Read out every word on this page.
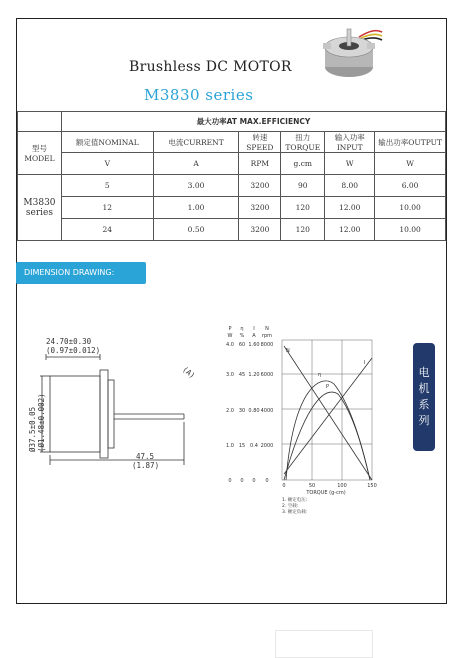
Brushless DC MOTOR
M3830 series
	最大功率AT MAX.EFFICIENCY					
型号MODEL	额定值NOMINAL	电流CURRENT	转速SPEED	扭力TORQUE	输入功率INPUT	输出功率OUTPUT
	V	A	RPM	g.cm	W	W
M3830 series	5	3.00	3200	90	8.00	6.00
	12	1.00	3200	120	12.00	10.00
	24	0.50	3200	120	12.00	10.00
DIMENSION DRAWING:
电
机
系
列
24.70±0.30
(0.97±0.012)
(A)
Ø37.5±0.05 (Ø1.48±0.002)
47.5
(1.87)
P η I N
W % A rpm
4.0 60 1.60 8000
3.0 45 1.20 6000
2.0 30 0.80 4000
1.0 15 0.4 2000
0 0 0 0
N
η
P
I
0	50	100	150
TORQUE (g-cm)
1. 额定电压:
2. 空载:
3. 额定负载:
